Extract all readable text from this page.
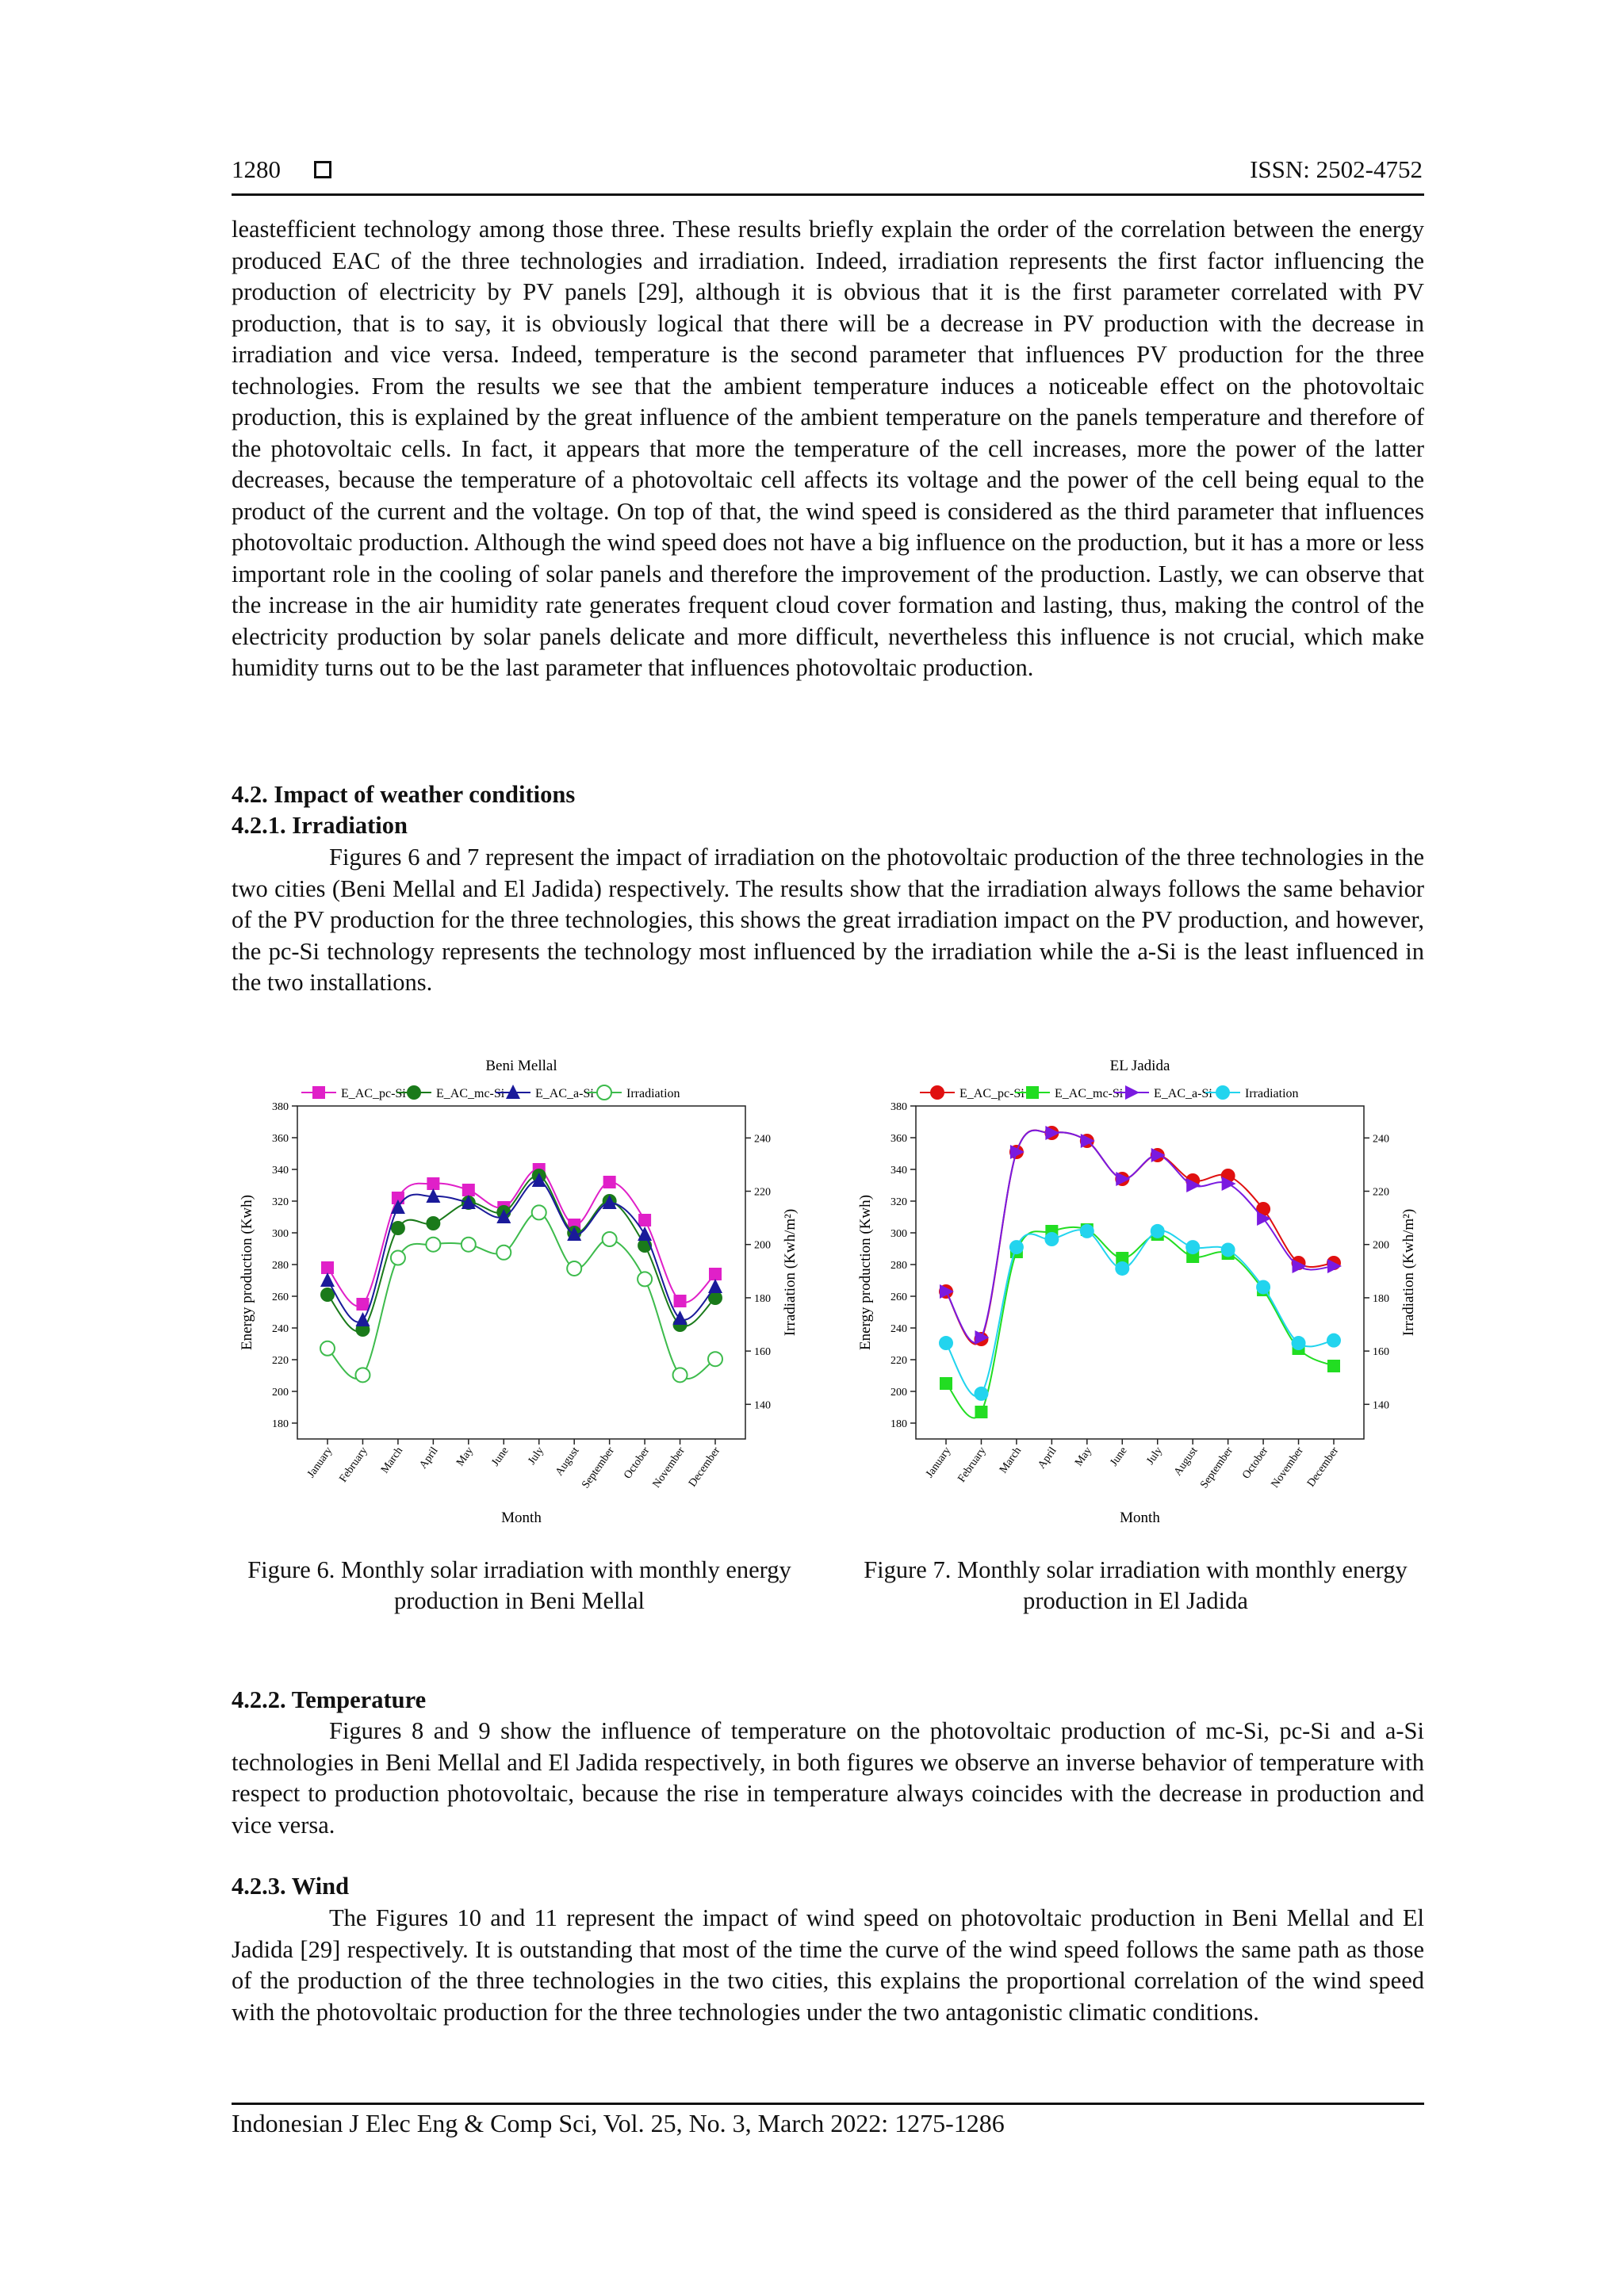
1280	ISSN: 2502-4752

leastefficient technology among those three. These results briefly explain the order of the correlation between the energy produced EAC of the three technologies and irradiation. Indeed, irradiation represents the first factor influencing the production of electricity by PV panels [29], although it is obvious that it is the first parameter correlated with PV production, that is to say, it is obviously logical that there will be a decrease in PV production with the decrease in irradiation and vice versa. Indeed, temperature is the second parameter that influences PV production for the three technologies. From the results we see that the ambient temperature induces a noticeable effect on the photovoltaic production, this is explained by the great influence of the ambient temperature on the panels temperature and therefore of the photovoltaic cells. In fact, it appears that more the temperature of the cell increases, more the power of the latter decreases, because the temperature of a photovoltaic cell affects its voltage and the power of the cell being equal to the product of the current and the voltage. On top of that, the wind speed is considered as the third parameter that influences photovoltaic production. Although the wind speed does not have a big influence on the production, but it has a more or less important role in the cooling of solar panels and therefore the improvement of the production. Lastly, we can observe that the increase in the air humidity rate generates frequent cloud cover formation and lasting, thus, making the control of the electricity production by solar panels delicate and more difficult, nevertheless this influence is not crucial, which make humidity turns out to be the last parameter that influences photovoltaic production.

4.2. Impact of weather conditions
4.2.1. Irradiation

Figures 6 and 7 represent the impact of irradiation on the photovoltaic production of the three technologies in the two cities (Beni Mellal and El Jadida) respectively. The results show that the irradiation always follows the same behavior of the PV production for the three technologies, this shows the great irradiation impact on the PV production, and however, the pc-Si technology represents the technology most influenced by the irradiation while the a-Si is the least influenced in the two installations.

Beni Mellal
E_AC_pc-Si E_AC_mc-Si E_AC_a-Si	Irradiation
180
200
220
240
260
280
300
320
340
360
380
140
160
180
200
220
240
January February March April May June July August
September October
November December
Month
Energy production (Kwh)	Irradiation (Kwh/m²)
EL Jadida
E_AC_pc-Si E_AC_mc-Si E_AC_a-Si	Irradiation
180
200
220
240
260
280
300
320
340
360
380
140
160
180
200
220
240
January February March April May June July August
September October
November December
Month
Energy production (Kwh)	Irradiation (Kwh/m²)
Figure 6. Monthly solar irradiation with monthly energy production in Beni Mellal
Figure 7. Monthly solar irradiation with monthly energy production in El Jadida
4.2.2. Temperature

Figures 8 and 9 show the influence of temperature on the photovoltaic production of mc-Si, pc-Si and a-Si technologies in Beni Mellal and El Jadida respectively, in both figures we observe an inverse behavior of temperature with respect to production photovoltaic, because the rise in temperature always coincides with the decrease in production and vice versa.

4.2.3. Wind

The Figures 10 and 11 represent the impact of wind speed on photovoltaic production in Beni Mellal and El Jadida [29] respectively. It is outstanding that most of the time the curve of the wind speed follows the same path as those of the production of the three technologies in the two cities, this explains the proportional correlation of the wind speed with the photovoltaic production for the three technologies under the two antagonistic climatic conditions.

Indonesian J Elec Eng & Comp Sci, Vol. 25, No. 3, March 2022: 1275-1286
